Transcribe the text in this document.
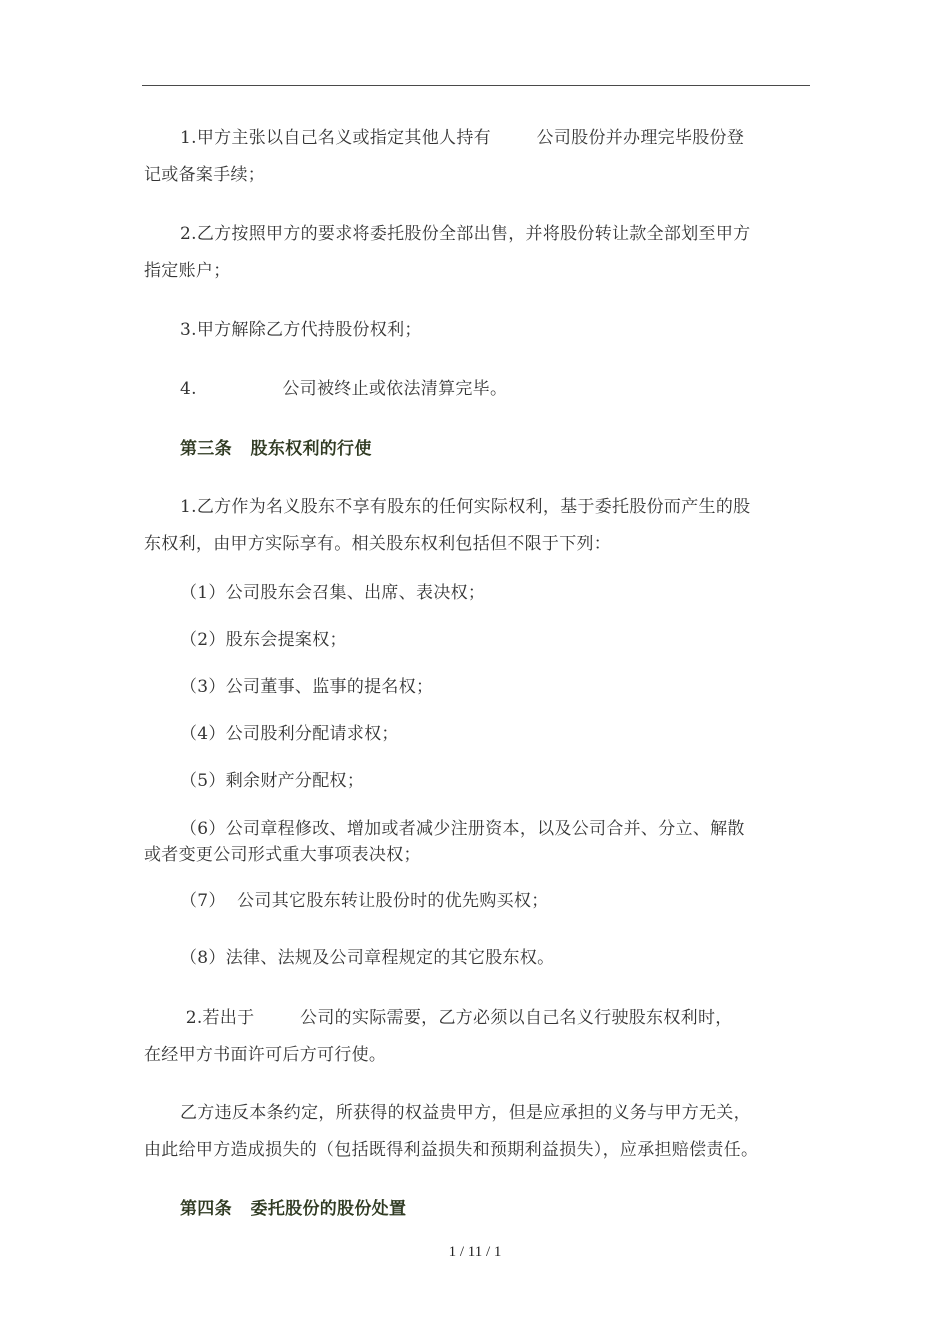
1.甲方主张以自己名义或指定其他人持有        公司股份并办理完毕股份登
记或备案手续；
2.乙方按照甲方的要求将委托股份全部出售，并将股份转让款全部划至甲方
指定账户；
3.甲方解除乙方代持股份权利；
4.               公司被终止或依法清算完毕。
第三条   股东权利的行使
1.乙方作为名义股东不享有股东的任何实际权利，基于委托股份而产生的股
东权利，由甲方实际享有。相关股东权利包括但不限于下列：
（1）公司股东会召集、出席、表决权；
（2）股东会提案权；
（3）公司董事、监事的提名权；
（4）公司股利分配请求权；
（5）剩余财产分配权；
（6）公司章程修改、增加或者减少注册资本，以及公司合并、分立、解散
或者变更公司形式重大事项表决权；
（7）  公司其它股东转让股份时的优先购买权；
（8）法律、法规及公司章程规定的其它股东权。
2.若出于        公司的实际需要，乙方必须以自己名义行驶股东权利时，
在经甲方书面许可后方可行使。
乙方违反本条约定，所获得的权益贵甲方，但是应承担的义务与甲方无关，
由此给甲方造成损失的（包括既得利益损失和预期利益损失），应承担赔偿责任。
第四条   委托股份的股份处置
1 / 11 / 1
